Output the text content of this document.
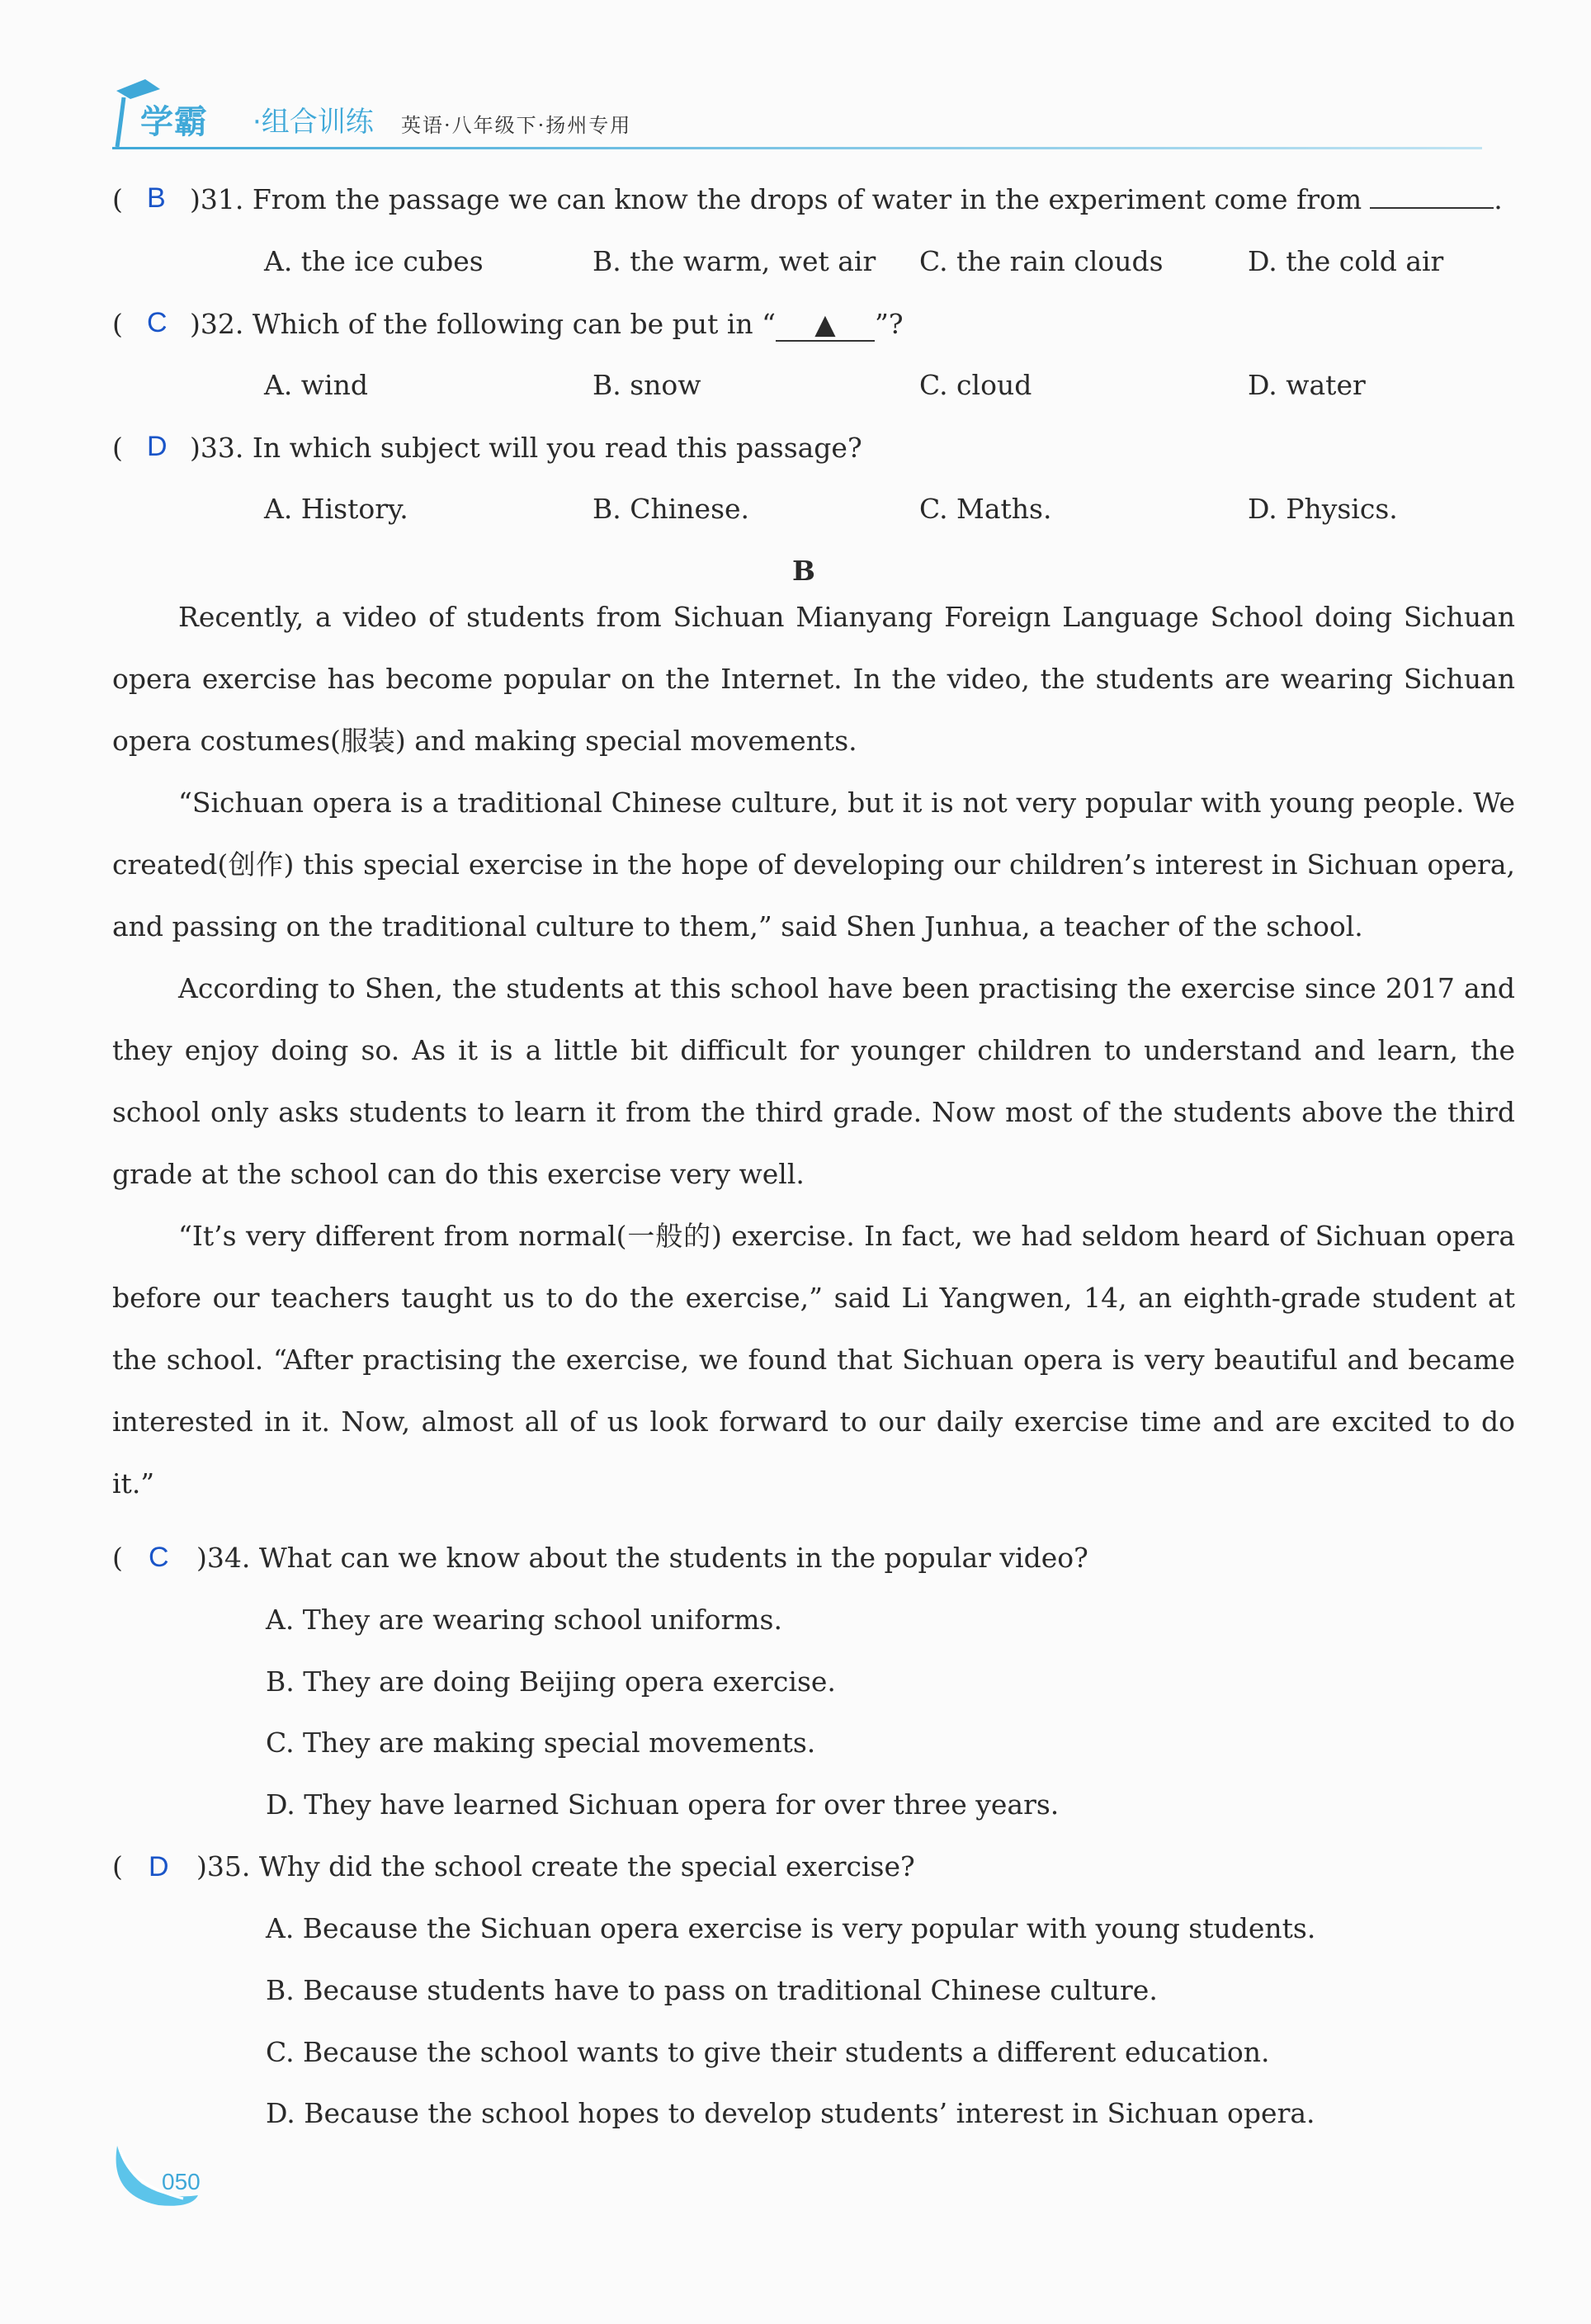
学霸 ·组合训练 英语·八年级下·扬州专用
( B )31. From the passage we can know the drops of water in the experiment come from	.
A. the ice cubes	B. the warm, wet air C. the rain clouds	D. the cold air
( C )32. Which of the following can be put in “ ▲ ”?
A. wind	B. snow	C. cloud	D. water
( D )33. In which subject will you read this passage?
A. History.	B. Chinese.	C. Maths.	D. Physics.
B

Recently, a video of students from Sichuan Mianyang Foreign Language School doing Sichuan opera exercise has become popular on the Internet. In the video, the students are wearing Sichuan opera costumes(服装) and making special movements.

“Sichuan opera is a traditional Chinese culture, but it is not very popular with young people. We created(创作) this special exercise in the hope of developing our children’s interest in Sichuan opera, and passing on the traditional culture to them,” said Shen Junhua, a teacher of the school.

According to Shen, the students at this school have been practising the exercise since 2017 and they enjoy doing so. As it is a little bit difficult for younger children to understand and learn, the school only asks students to learn it from the third grade. Now most of the students above the third grade at the school can do this exercise very well.

“It’s very different from normal(一般的) exercise. In fact, we had seldom heard of Sichuan opera before our teachers taught us to do the exercise,” said Li Yangwen, 14, an eighth-grade student at the school. “After practising the exercise, we found that Sichuan opera is very beautiful and became interested in it. Now, almost all of us look forward to our daily exercise time and are excited to do it.”

( C )34. What can we know about the students in the popular video?
A. They are wearing school uniforms.
B. They are doing Beijing opera exercise.
C. They are making special movements.
D. They have learned Sichuan opera for over three years.
( D )35. Why did the school create the special exercise?
A. Because the Sichuan opera exercise is very popular with young students.
B. Because students have to pass on traditional Chinese culture.
C. Because the school wants to give their students a different education.
D. Because the school hopes to develop students’ interest in Sichuan opera.
050
